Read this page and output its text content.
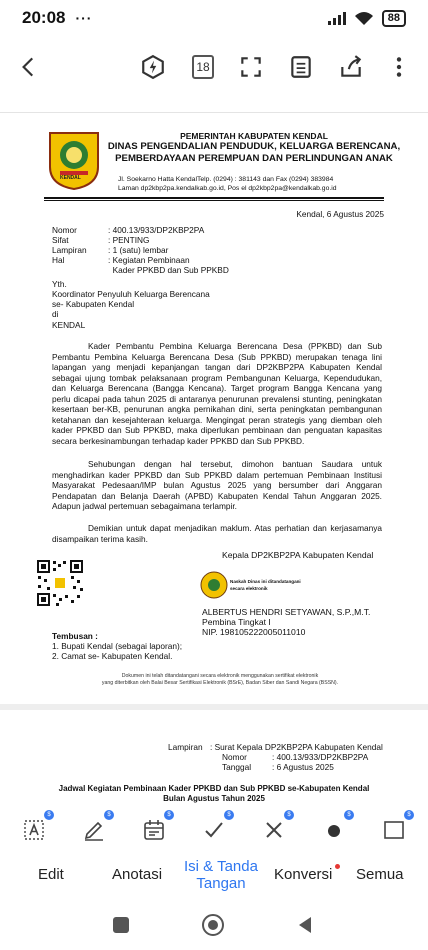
20:08 ···	88
18
KENDAL
PEMERINTAH KABUPATEN KENDAL
DINAS PENGENDALIAN PENDUDUK, KELUARGA BERENCANA,
PEMBERDAYAAN PEREMPUAN DAN PERLINDUNGAN ANAK
Jl. Soekarno Hatta KendalTelp. (0294) : 381143 dan Fax (0294) 383984
Laman dp2kbp2pa.kendalkab.go.id, Pos el dp2kbp2pa@kendalkab.go.id
Kendal, 6 Agustus 2025
Nomor	: 400.13/933/DP2KBP2PA
Sifat	: PENTING
Lampiran	: 1 (satu) lembar
Hal	: Kegiatan Pembinaan
Kader PPKBD dan Sub PPKBD
Yth.
Koordinator Penyuluh Keluarga Berencana
se- Kabupaten Kendal
di
KENDAL
Kader Pembantu Pembina Keluarga Berencana Desa (PPKBD) dan Sub Pembantu Pembina Keluarga Berencana Desa (Sub PPKBD) merupakan tenaga lini lapangan yang menjadi kepanjangan tangan dari DP2KBP2PA Kabupaten Kendal sebagai ujung tombak pelaksanaan program Pembangunan Keluarga, Kependudukan, dan Keluarga Berencana (Bangga Kencana). Target program Bangga Kencana yang perlu dicapai pada tahun 2025 di antaranya penurunan prevalensi stunting, peningkatan kesertaan ber-KB, penurunan angka pernikahan dini, serta peningkatan pembangunan ketahanan dan kesejahteraan keluarga. Mengingat peran strategis yang diemban oleh kader PPKBD dan Sub PPKBD, maka diperlukan pembinaan dan penguatan kapasitas secara berkesinambungan terhadap kader PPKBD dan Sub PPKBD.
Sehubungan dengan hal tersebut, dimohon bantuan Saudara untuk menghadirkan kader PPKBD dan Sub PPKBD dalam pertemuan Pembinaan Institusi Masyarakat Pedesaan/IMP bulan Agustus 2025 yang bersumber dari Anggaran Pendapatan dan Belanja Daerah (APBD) Kabupaten Kendal Tahun Anggaran 2025. Adapun jadwal pertemuan sebagaimana terlampir.
Demikian untuk dapat menjadikan maklum. Atas perhatian dan kerjasamanya disampaikan terima kasih.
Kepala DP2KBP2PA Kabupaten Kendal
Naskah Dinas ini ditandatangani
secara elektronik
ALBERTUS HENDRI SETYAWAN, S.P.,M.T.
Pembina Tingkat I
NIP. 198105222005011010
Tembusan :
1. Bupati Kendal (sebagai laporan);
2. Camat se- Kabupaten Kendal.
Dokumen ini telah ditandatangani secara elektronik menggunakan sertifikat elektronik
yang diterbitkan oleh Balai Besar Sertifikasi Elektronik (BSrE), Badan Siber dan Sandi Negara (BSSN).
Lampiran : Surat Kepala DP2KBP2PA Kabupaten Kendal
Nomor	: 400.13/933/DP2KBP2PA
Tanggal	: 6 Agustus 2025
Jadwal Kegiatan Pembinaan Kader PPKBD dan Sub PPKBD se-Kabupaten Kendal
Bulan Agustus Tahun 2025
$	$	$	$	$	$	$
Edit	Anotasi Isi & Tanda Tangan
Konversi Semua
